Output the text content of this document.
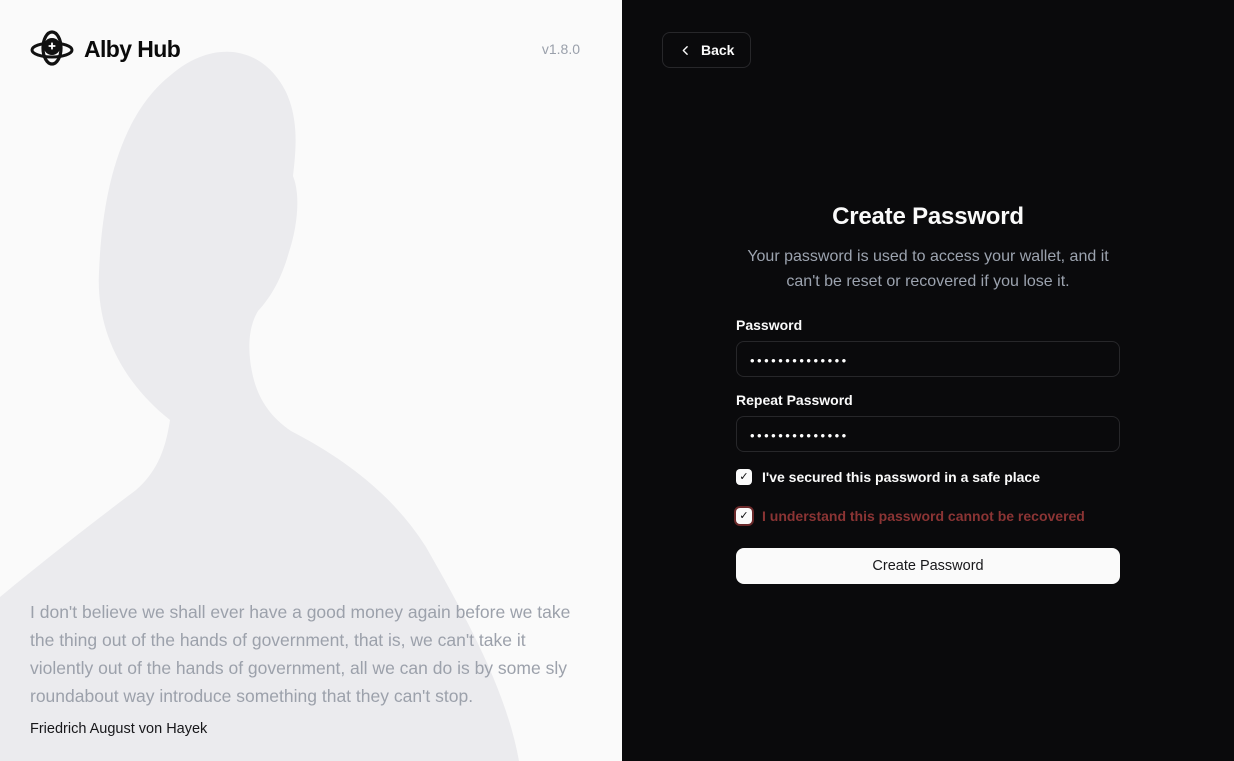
Alby Hub	v1.8.0
I don't believe we shall ever have a good money again before we take the thing out of the hands of government, that is, we can't take it violently out of the hands of government, all we can do is by some sly roundabout way introduce something that they can't stop.
Friedrich August von Hayek
Back
Create Password
Your password is used to access your wallet, and it can't be reset or recovered if you lose it.
Password
••••••••••••••
Repeat Password
••••••••••••••
✓ I've secured this password in a safe place
✓ I understand this password cannot be recovered
Create Password
